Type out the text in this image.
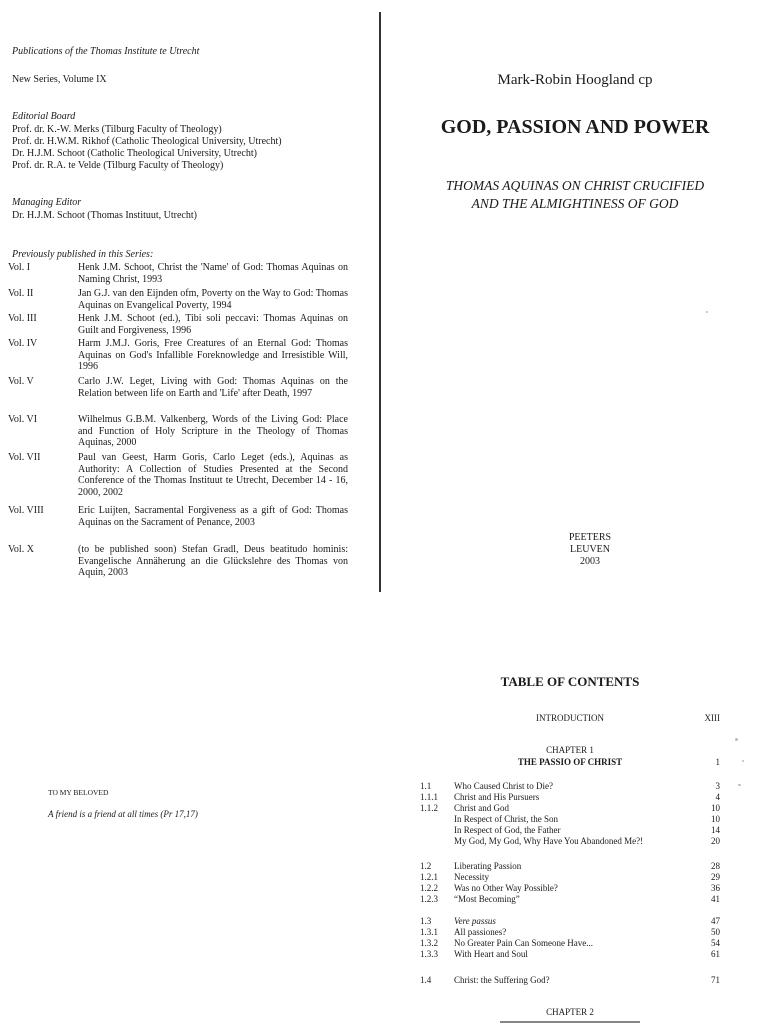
Publications of the Thomas Institute te Utrecht
New Series, Volume IX
Editorial Board
Prof. dr. K.-W. Merks (Tilburg Faculty of Theology)
Prof. dr. H.W.M. Rikhof (Catholic Theological University, Utrecht)
Dr. H.J.M. Schoot (Catholic Theological University, Utrecht)
Prof. dr. R.A. te Velde (Tilburg Faculty of Theology)
Managing Editor
Dr. H.J.M. Schoot (Thomas Instituut, Utrecht)
Previously published in this Series:
Vol. I	Henk J.M. Schoot, Christ the 'Name' of God: Thomas Aquinas on Naming Christ, 1993
Vol. II	Jan G.J. van den Eijnden ofm, Poverty on the Way to God: Thomas Aquinas on Evangelical Poverty, 1994
Vol. III	Henk J.M. Schoot (ed.), Tibi soli peccavi: Thomas Aquinas on Guilt and Forgiveness, 1996
Vol. IV	Harm J.M.J. Goris, Free Creatures of an Eternal God: Thomas Aquinas on God's Infallible Foreknowledge and Irresistible Will, 1996
Vol. V	Carlo J.W. Leget, Living with God: Thomas Aquinas on the Relation between life on Earth and 'Life' after Death, 1997
Vol. VI	Wilhelmus G.B.M. Valkenberg, Words of the Living God: Place and Function of Holy Scripture in the Theology of Thomas Aquinas, 2000
Vol. VII	Paul van Geest, Harm Goris, Carlo Leget (eds.), Aquinas as Authority: A Collection of Studies Presented at the Second Conference of the Thomas Instituut te Utrecht, December 14 - 16, 2000, 2002
Vol. VIII	Eric Luijten, Sacramental Forgiveness as a gift of God: Thomas Aquinas on the Sacrament of Penance, 2003
Vol. X	(to be published soon) Stefan Gradl, Deus beatitudo hominis: Evangelische Annäherung an die Glückslehre des Thomas von Aquin, 2003
Mark-Robin Hoogland cp
GOD, PASSION AND POWER
THOMAS AQUINAS ON CHRIST CRUCIFIED
AND THE ALMIGHTINESS OF GOD
PEETERS
LEUVEN
2003
TO MY BELOVED
A friend is a friend at all times (Pr 17,17)
TABLE OF CONTENTS
INTRODUCTION	XIII
CHAPTER 1
THE PASSIO OF CHRIST	1
1.1	Who Caused Christ to Die?	3
1.1.1	Christ and His Pursuers	4
1.1.2	Christ and God	10
In Respect of Christ, the Son	10
In Respect of God, the Father	14
My God, My God, Why Have You Abandoned Me?!	20
1.2	Liberating Passion	28
1.2.1	Necessity	29
1.2.2	Was no Other Way Possible?	36
1.2.3	“Most Becoming”	41
1.3	Vere passus	47
1.3.1	All passiones?	50
1.3.2	No Greater Pain Can Someone Have...	54
1.3.3	With Heart and Soul	61
1.4	Christ: the Suffering God?	71
CHAPTER 2
